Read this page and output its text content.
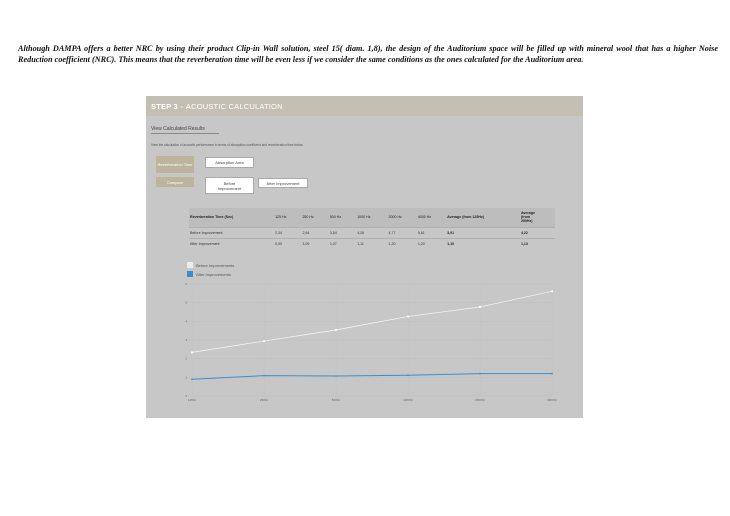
Although DAMPA offers a better NRC by using their product Clip-in Wall solution, steel 15( diam. 1,8), the design of the Auditorium space will be filled up with mineral wool that has a higher Noise Reduction coefficient (NRC). This means that the reverberation time will be even less if we consider the same conditions as the ones calculated for the Auditorium area.
STEP 3 - ACOUSTIC CALCULATION
View Calculated Results
View the calculation of acoustic performance in terms of absorption coefficient and reverberation time below.
Reverberation Time	Absorption Area
Compare	Before Improvement
After Improvement
Reverberation Time (Sec)	125 Hz	250 Hz	500 Hz	1000 Hz	2000 Hz	4000 Hz	Average (from 125Hz)	Average (from 250Hz)
Before Improvement	2,34	2,94	3,54	4,26	4,77	5,61	3,91	4,22
After Improvement	0,90	1,09	1,07	1,11	1,20	1,20	1,10	1,13
Before Improvements
After Improvements
0
1
2
3
4
5
6
125hz	250hz	500hz	1000hz	2000hz	4000hz
